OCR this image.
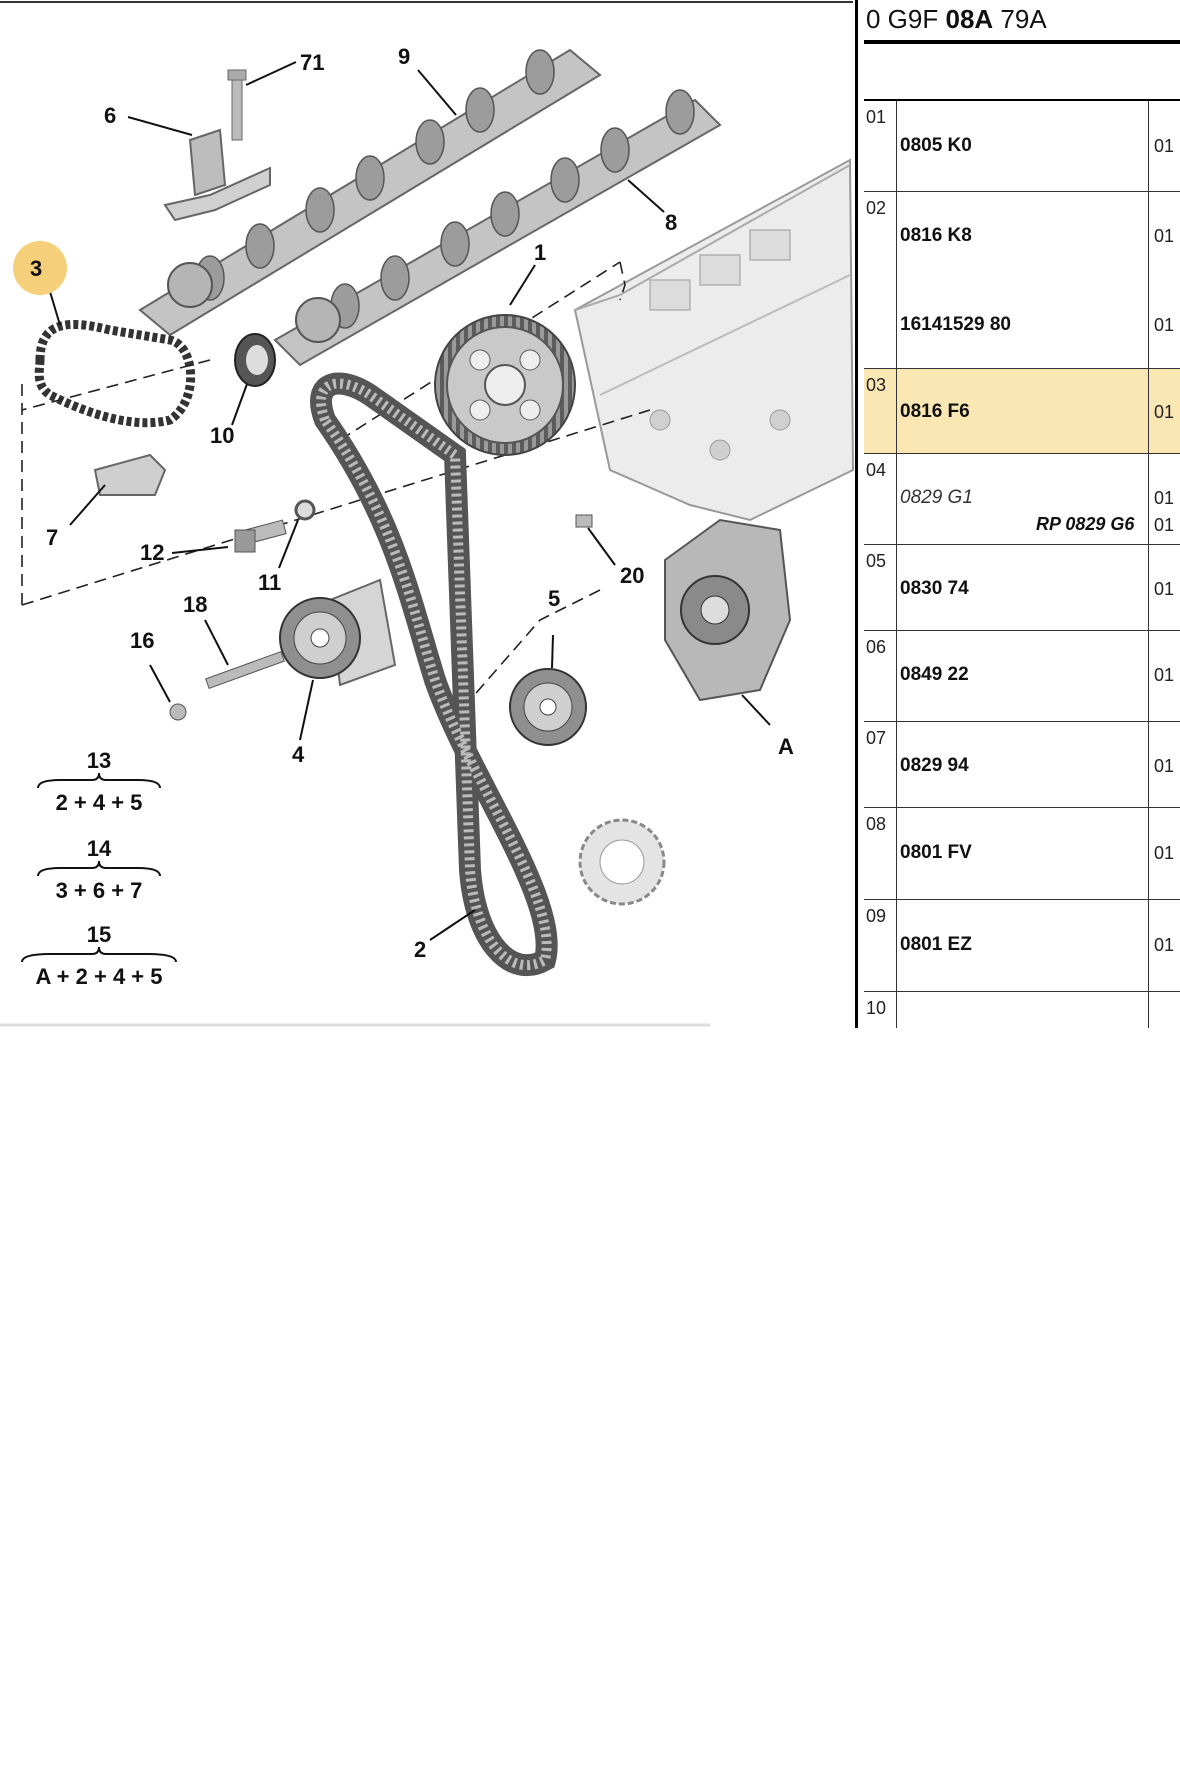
3
6
71	9
8
1
10
7
12
11	20
18
16
5
4	A
2
13
2 + 4 + 5
14
3 + 6 + 7
15
A + 2 + 4 + 5
0 G9F 08A 79A
01
0805 K0	01
02
0816 K8	01
16141529 80	01
03
0816 F6	01
04
0829 G1	01
RP 0829 G6 01
05
0830 74	01
06
0849 22	01
07
0829 94	01
08
0801 FV	01
09
0801 EZ	01
10
